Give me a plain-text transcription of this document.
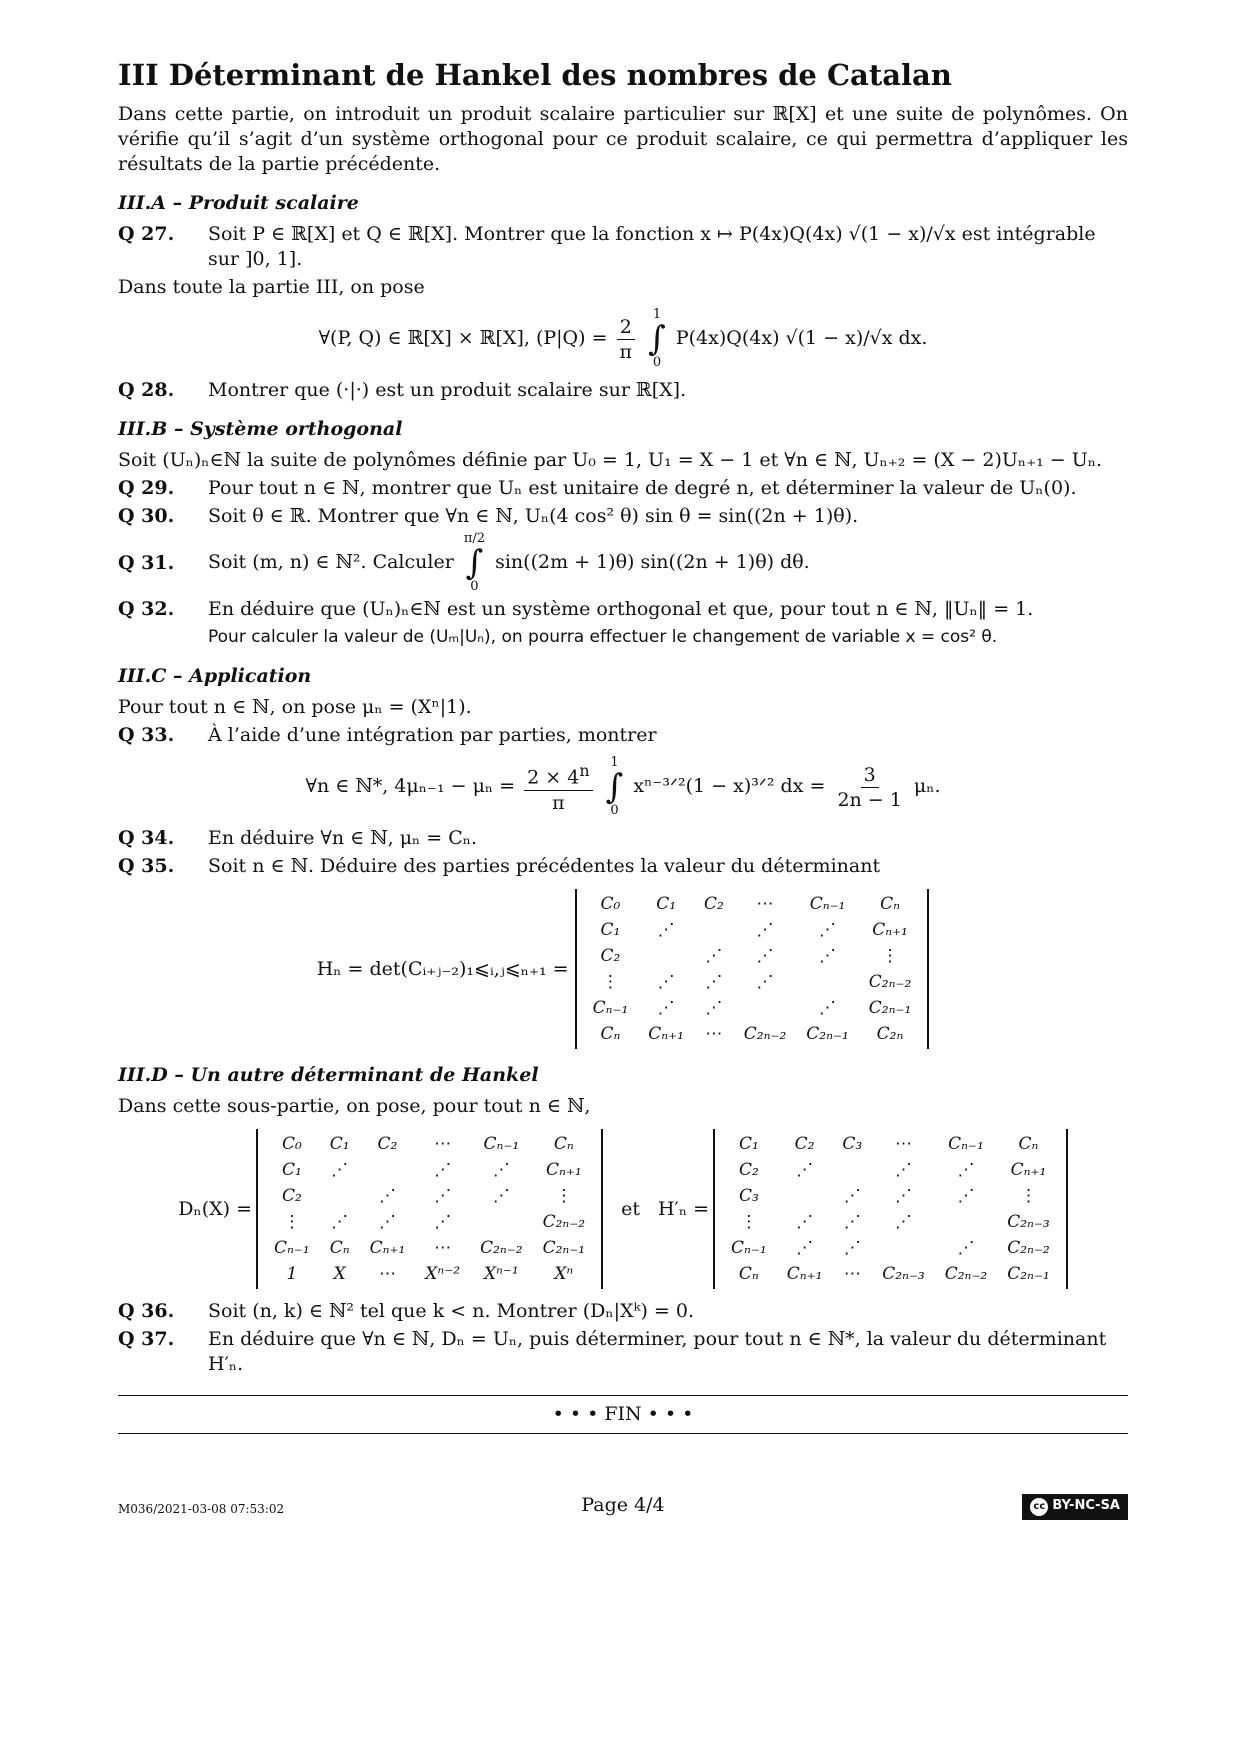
III Déterminant de Hankel des nombres de Catalan

Dans cette partie, on introduit un produit scalaire particulier sur ℝ[X] et une suite de polynômes. On vérifie qu’il s’agit d’un système orthogonal pour ce produit scalaire, ce qui permettra d’appliquer les résultats de la partie précédente.

III.A – Produit scalaire
Q 27.	Soit P ∈ ℝ[X] et Q ∈ ℝ[X]. Montrer que la fonction x ↦ P(4x)Q(4x) √(1 − x)/√x est intégrable sur ]0, 1].

Dans toute la partie III, on pose

∀(P, Q) ∈ ℝ[X] × ℝ[X], $(P|Q) = \frac{2}{\pi}$
1
∫
0
P(4x)Q(4x) √(1 − x)/√x dx.
Q 28.	Montrer que (·|·) est un produit scalaire sur ℝ[X].
III.B – Système orthogonal

Soit (Uₙ)ₙ∈ℕ la suite de polynômes définie par U₀ = 1, U₁ = X − 1 et ∀n ∈ ℕ, Uₙ₊₂ = (X − 2)Uₙ₊₁ − Uₙ.

Q 29.	Pour tout n ∈ ℕ, montrer que Uₙ est unitaire de degré n, et déterminer la valeur de Uₙ(0).
Q 30.	Soit θ ∈ ℝ. Montrer que ∀n ∈ ℕ, Uₙ(4 cos² θ) sin θ = sin((2n + 1)θ).
Q 31.	Soit (m, n) ∈ ℕ². Calculer
π/2
∫
0
sin((2m + 1)θ) sin((2n + 1)θ) dθ.
Q 32.	En déduire que (Uₙ)ₙ∈ℕ est un système orthogonal et que, pour tout n ∈ ℕ, ‖Uₙ‖ = 1.
Pour calculer la valeur de (Uₘ|Uₙ), on pourra effectuer le changement de variable x = cos² θ.
III.C – Application

Pour tout n ∈ ℕ, on pose μₙ = (Xⁿ|1).

Q 33.	À l’aide d’une intégration par parties, montrer
∀n ∈ ℕ*, $4\mu_{n-1} - \mu_n = \frac{2 \times 4^n}{\pi}$
1
∫
0
xⁿ⁻³ᐟ²(1 − x)³ᐟ² dx = $\frac{3}{2n - 1} \mu_n$.
Q 34.	En déduire ∀n ∈ ℕ, μₙ = Cₙ.
Q 35.	Soit n ∈ ℕ. Déduire des parties précédentes la valeur du déterminant
Hₙ = det(Cᵢ₊ⱼ₋₂)₁⩽ᵢ,ⱼ⩽ₙ₊₁ =
C₀	C₁	C₂	⋯	Cₙ₋₁	Cₙ
C₁	⋰		⋰	⋰	Cₙ₊₁
C₂		⋰	⋰	⋰	⋮
⋮	⋰	⋰	⋰		C₂ₙ₋₂
Cₙ₋₁	⋰	⋰		⋰	C₂ₙ₋₁
Cₙ	Cₙ₊₁	⋯	C₂ₙ₋₂	C₂ₙ₋₁	C₂ₙ
III.D – Un autre déterminant de Hankel

Dans cette sous-partie, on pose, pour tout n ∈ ℕ,

Dₙ(X) =
C₀	C₁	C₂	⋯	Cₙ₋₁	Cₙ
C₁	⋰		⋰	⋰	Cₙ₊₁
C₂		⋰	⋰	⋰	⋮
⋮	⋰	⋰	⋰		C₂ₙ₋₂
Cₙ₋₁	Cₙ	Cₙ₊₁	⋯	C₂ₙ₋₂	C₂ₙ₋₁
1	X	⋯	Xⁿ⁻²	Xⁿ⁻¹	Xⁿ
et H′ₙ =
C₁	C₂	C₃	⋯	Cₙ₋₁	Cₙ
C₂	⋰		⋰	⋰	Cₙ₊₁
C₃		⋰	⋰	⋰	⋮
⋮	⋰	⋰	⋰		C₂ₙ₋₃
Cₙ₋₁	⋰	⋰		⋰	C₂ₙ₋₂
Cₙ	Cₙ₊₁	⋯	C₂ₙ₋₃	C₂ₙ₋₂	C₂ₙ₋₁
Q 36.	Soit (n, k) ∈ ℕ² tel que k < n. Montrer (Dₙ|Xᵏ) = 0.
Q 37.	En déduire que ∀n ∈ ℕ, Dₙ = Uₙ, puis déterminer, pour tout n ∈ ℕ*, la valeur du déterminant H′ₙ.
• • • FIN • • •
M036/2021-03-08 07:53:02	Page 4/4	cc BY-NC-SA
